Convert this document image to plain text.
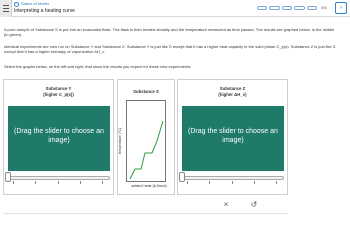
States of Matter
Interpreting a heating curve
0/5	›
A pure sample of Substance S is put into an evacuated flask. The flask is then heated steadily and the temperature measured as time passes. The results are graphed below, in the middle (in green).
Identical experiments are now run on Substance Y and Substance Z. Substance Y is just like S except that it has a higher heat capacity in the solid phase C_p(s). Substance Z is just like S except that it has a higher enthalpy of vaporization ΔH_v.
Select the graphs below, on the left and right, that show the results you expect for these new experiments.
Substance Y
(higher C_p(s))
(Drag the slider to choose an image)
Substance S
temperature (°C)
added heat (kJ/mol)
Substance Z
(higher ΔH_v)
(Drag the slider to choose an image)
×	↺
